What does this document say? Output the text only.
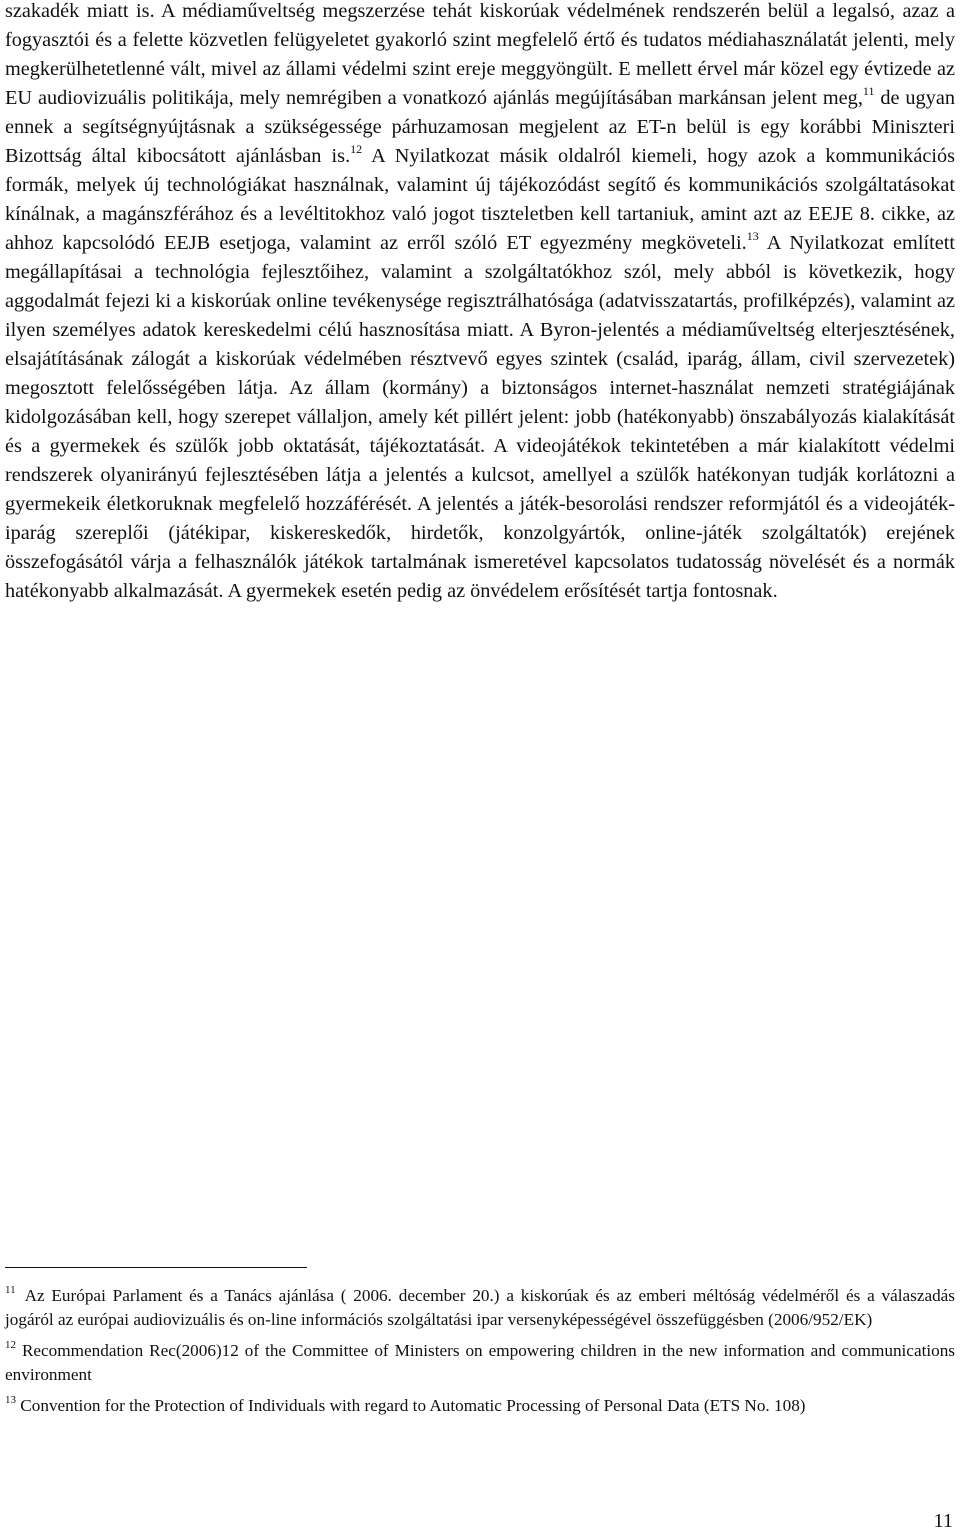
szakadék miatt is. A médiaműveltség megszerzése tehát kiskorúak védelmének rendszerén belül a legalsó, azaz a fogyasztói és a felette közvetlen felügyeletet gyakorló szint megfelelő értő és tudatos médiahasználatát jelenti, mely megkerülhetetlenné vált, mivel az állami védelmi szint ereje meggyöngült. E mellett érvel már közel egy évtizede az EU audiovizuális politikája, mely nemrégiben a vonatkozó ajánlás megújításában markánsan jelent meg,$^{11}$ de ugyan ennek a segítségnyújtásnak a szükségessége párhuzamosan megjelent az ET-n belül is egy korábbi Miniszteri Bizottság által kibocsátott ajánlásban is.$^{12}$ A Nyilatkozat másik oldalról kiemeli, hogy azok a kommunikációs formák, melyek új technológiákat használnak, valamint új tájékozódást segítő és kommunikációs szolgáltatásokat kínálnak, a magánszférához és a levéltitokhoz való jogot tiszteletben kell tartaniuk, amint azt az EEJE 8. cikke, az ahhoz kapcsolódó EEJB esetjoga, valamint az erről szóló ET egyezmény megköveteli.$^{13}$ A Nyilatkozat említett megállapításai a technológia fejlesztőihez, valamint a szolgáltatókhoz szól, mely abból is következik, hogy aggodalmát fejezi ki a kiskorúak online tevékenysége regisztrálhatósága (adatvisszatartás, profilképzés), valamint az ilyen személyes adatok kereskedelmi célú hasznosítása miatt. A Byron-jelentés a médiaműveltség elterjesztésének, elsajátításának zálogát a kiskorúak védelmében résztvevő egyes szintek (család, iparág, állam, civil szervezetek) megosztott felelősségében látja. Az állam (kormány) a biztonságos internet-használat nemzeti stratégiájának kidolgozásában kell, hogy szerepet vállaljon, amely két pillért jelent: jobb (hatékonyabb) önszabályozás kialakítását és a gyermekek és szülők jobb oktatását, tájékoztatását. A videojátékok tekintetében a már kialakított védelmi rendszerek olyanirányú fejlesztésében látja a jelentés a kulcsot, amellyel a szülők hatékonyan tudják korlátozni a gyermekeik életkoruknak megfelelő hozzáférését. A jelentés a játék-besorolási rendszer reformjától és a videojáték-iparág szereplői (játékipar, kiskereskedők, hirdetők, konzolgyártók, online-játék szolgáltatók) erejének összefogásától várja a felhasználók játékok tartalmának ismeretével kapcsolatos tudatosság növelését és a normák hatékonyabb alkalmazását. A gyermekek esetén pedig az önvédelem erősítését tartja fontosnak.

$^{11}$ Az Európai Parlament és a Tanács ajánlása ( 2006. december 20.) a kiskorúak és az emberi méltóság védelméről és a válaszadás jogáról az európai audiovizuális és on-line információs szolgáltatási ipar versenyképességével összefüggésben (2006/952/EK)

$^{12}$ Recommendation Rec(2006)12 of the Committee of Ministers on empowering children in the new information and communications environment

$^{13}$ Convention for the Protection of Individuals with regard to Automatic Processing of Personal Data (ETS No. 108)

11
